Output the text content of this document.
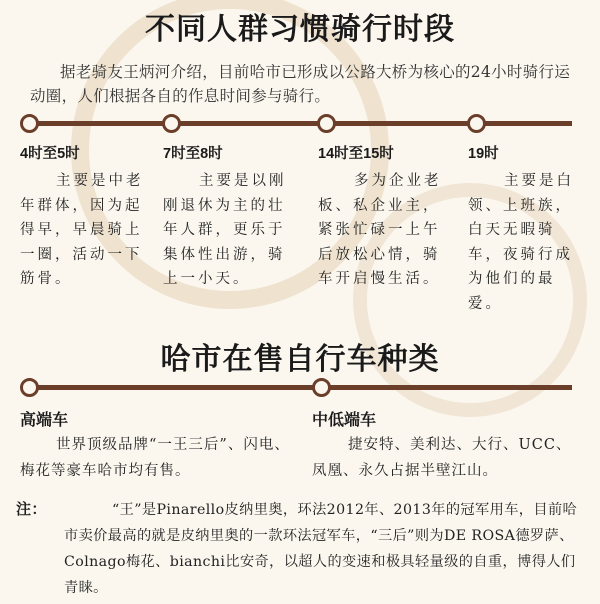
不同人群习惯骑行时段
据老骑友王炳河介绍，目前哈市已形成以公路大桥为核心的24小时骑行运动圈，人们根据各自的作息时间参与骑行。
4时至5时
主要是中老年群体，因为起得早，早晨骑上一圈，活动一下筋骨。
7时至8时
主要是以刚刚退休为主的壮年人群，更乐于集体性出游，骑上一小天。
14时至15时
多为企业老板、私企业主，紧张忙碌一上午后放松心情，骑车开启慢生活。
19时
主要是白领、上班族，白天无暇骑车，夜骑行成为他们的最爱。
哈市在售自行车种类
高端车
世界顶级品牌“一王三后”、闪电、梅花等豪车哈市均有售。
中低端车
捷安特、美利达、大行、UCC、凤凰、永久占据半壁江山。
注：	“王”是Pinarello皮纳里奥，环法2012年、2013年的冠军用车，目前哈市卖价最高的就是皮纳里奥的一款环法冠军车，“三后”则为DE ROSA德罗萨、Colnago梅花、bianchi比安奇，以超人的变速和极具轻量级的自重，博得人们青睐。
